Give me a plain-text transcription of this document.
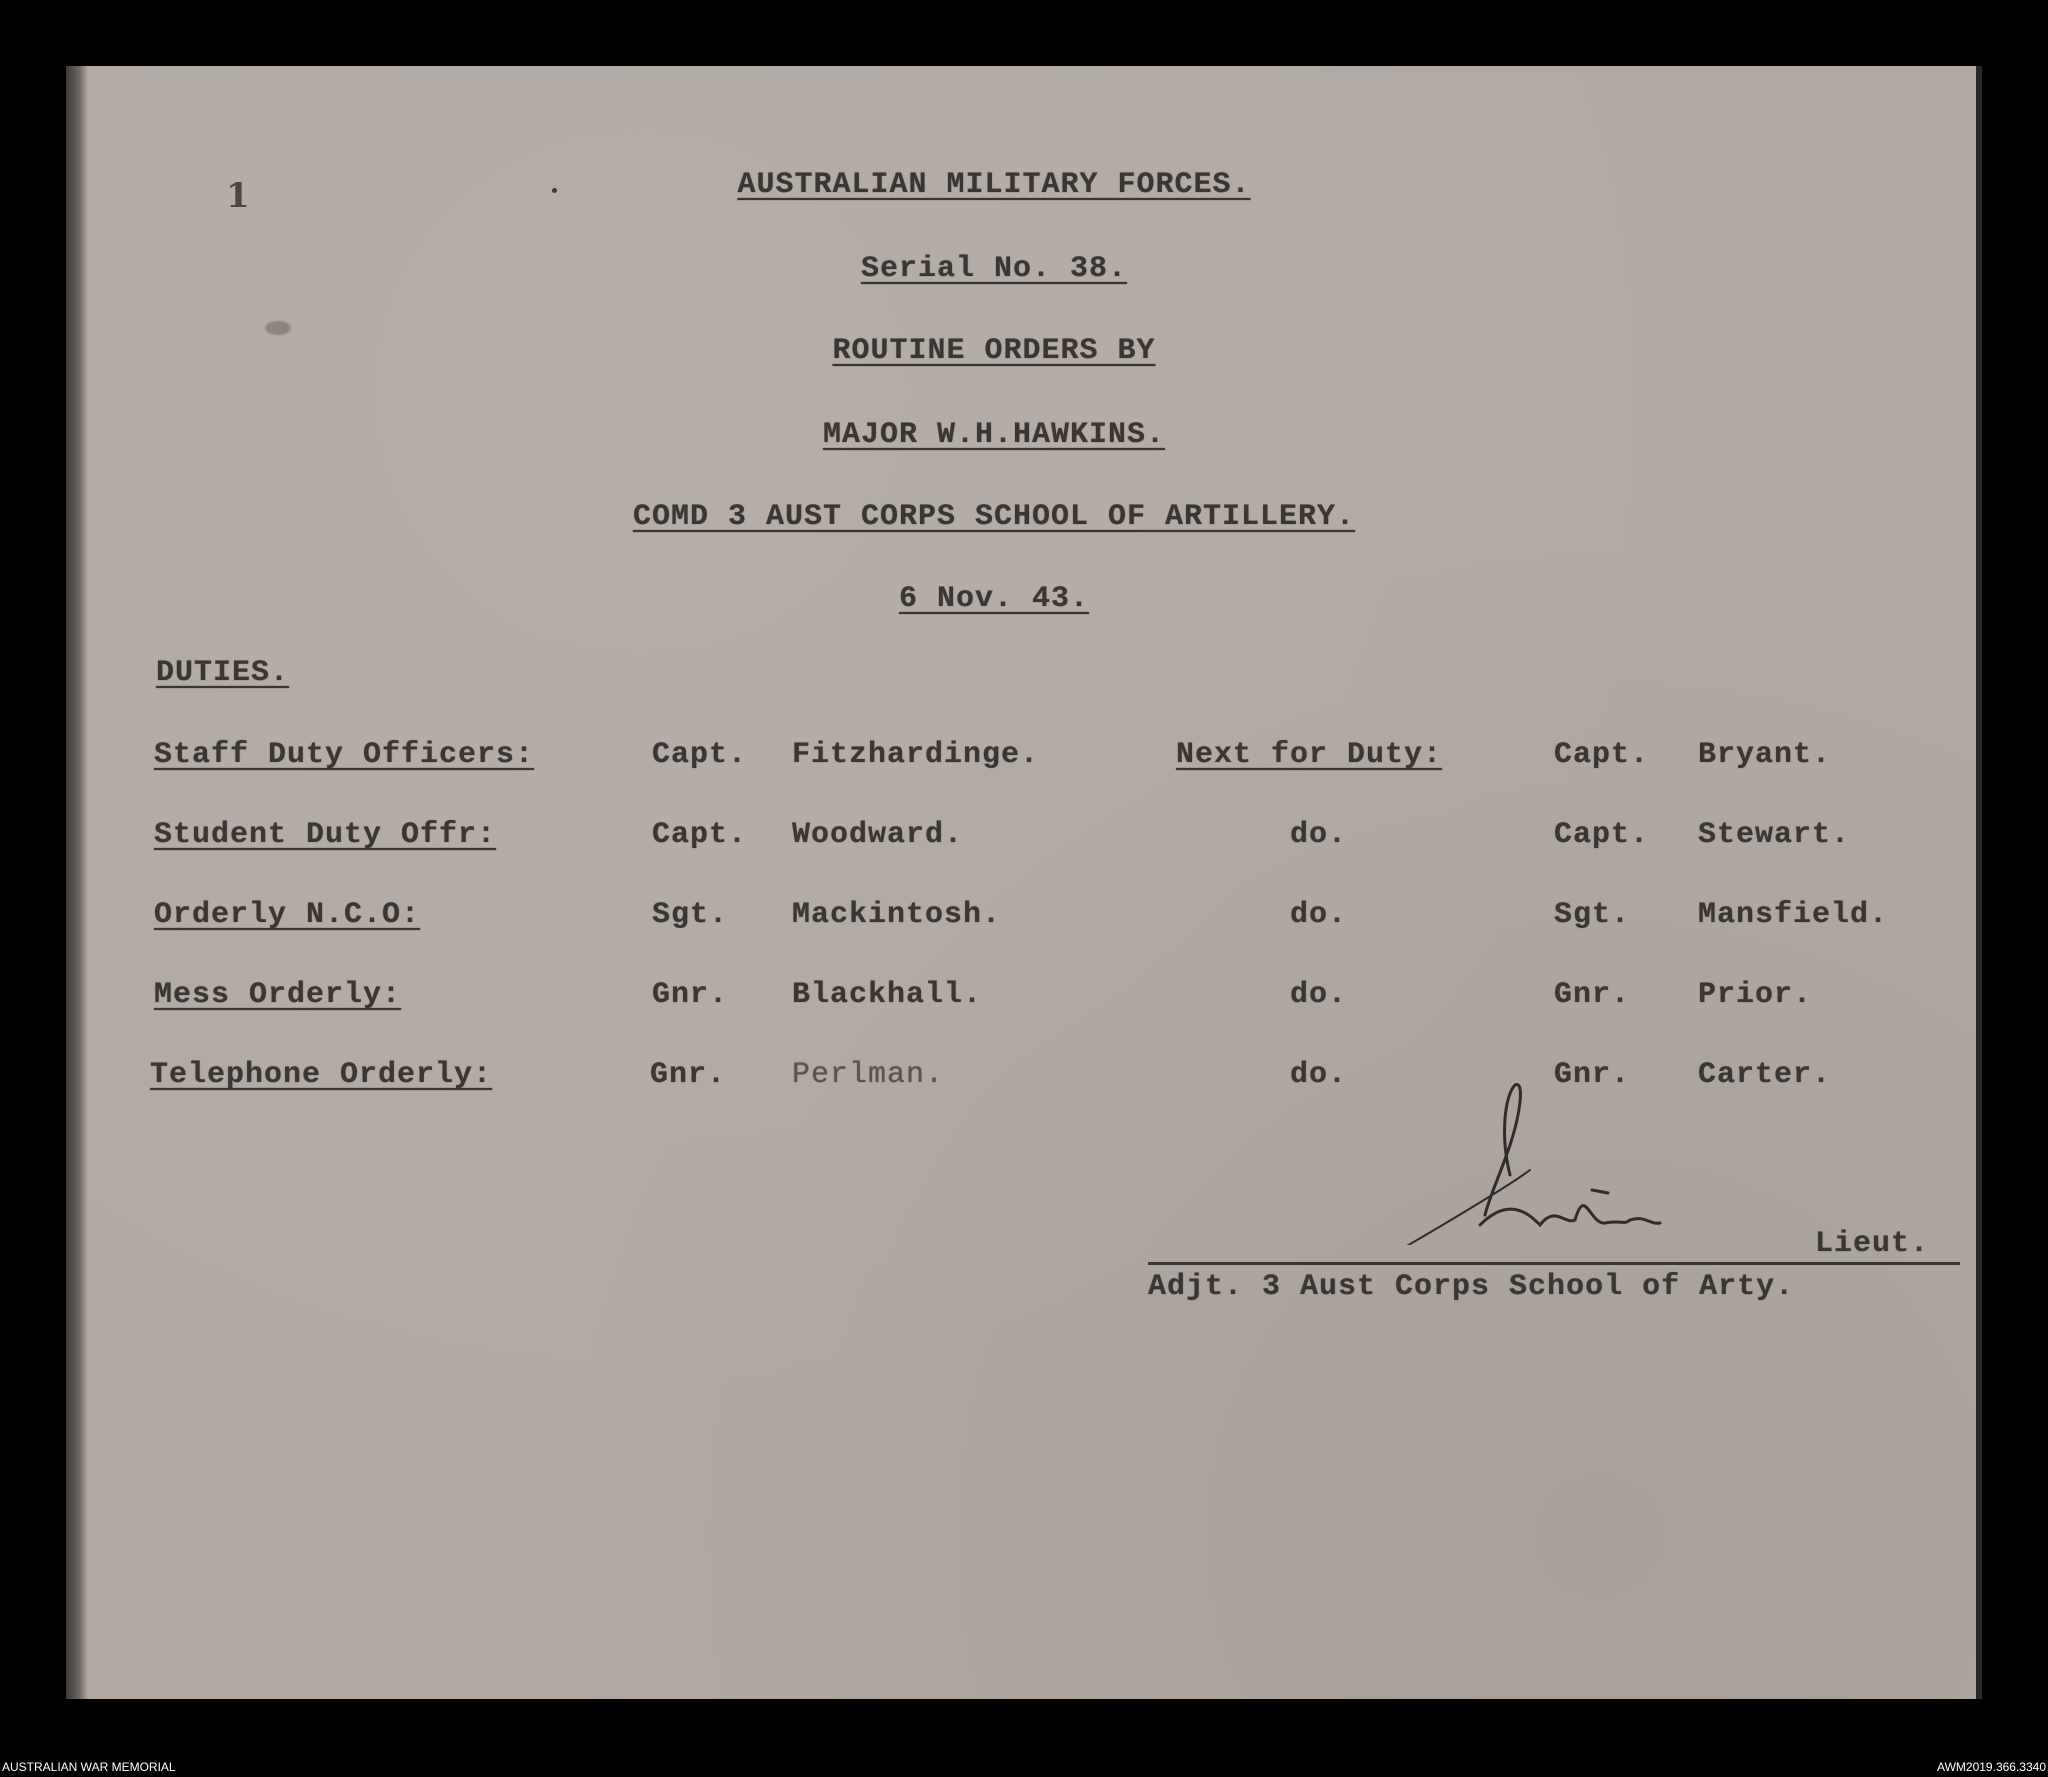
1	AUSTRALIAN MILITARY FORCES.
Serial No. 38.
ROUTINE ORDERS BY
MAJOR W.H.HAWKINS.
COMD 3 AUST CORPS SCHOOL OF ARTILLERY.
6 Nov. 43.
DUTIES.
Staff Duty Officers:	Capt. Fitzhardinge.	Next for Duty:	Capt. Bryant.
Student Duty Offr:	Capt. Woodward.	do.	Capt. Stewart.
Orderly N.C.O:	Sgt. Mackintosh.	do.	Sgt. Mansfield.
Mess Orderly:	Gnr. Blackhall.	do.	Gnr. Prior.
Telephone Orderly:	Gnr. Perlman.	do.	Gnr. Carter.
Lieut.
Adjt. 3 Aust Corps School of Arty.
AUSTRALIAN WAR MEMORIAL	AWM2019.366.3340
